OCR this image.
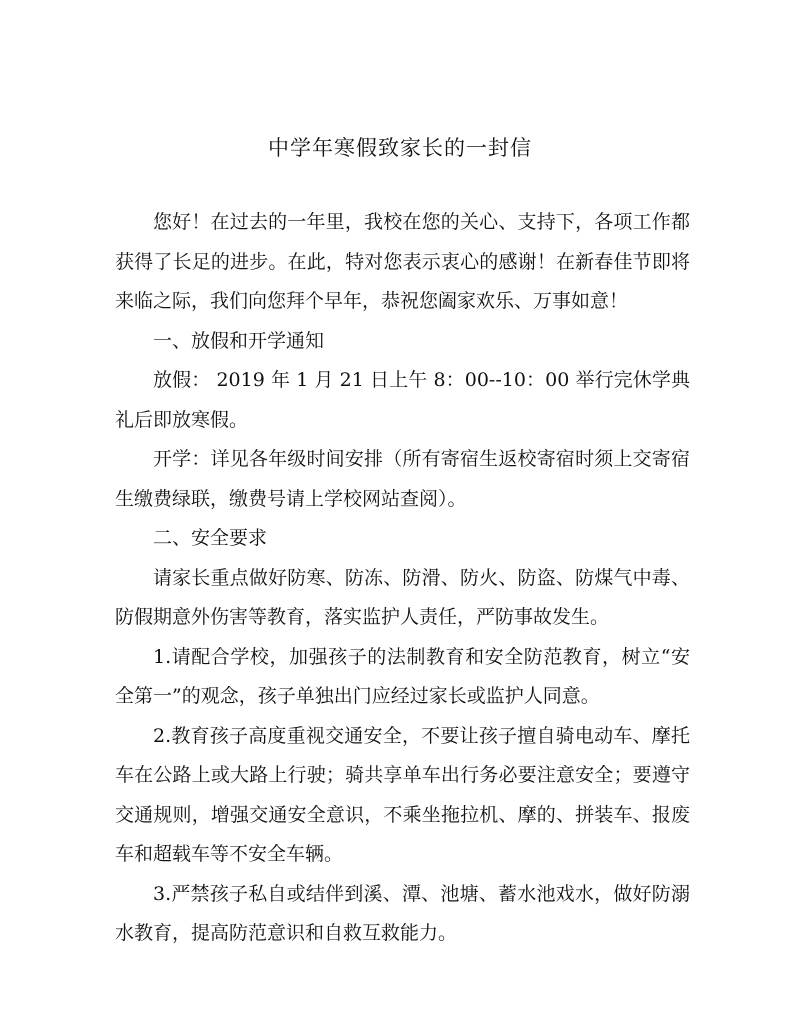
中学年寒假致家长的一封信

您好！在过去的一年里，我校在您的关心、支持下，各项工作都获得了长足的进步。在此，特对您表示衷心的感谢！在新春佳节即将来临之际，我们向您拜个早年，恭祝您阖家欢乐、万事如意！

一、放假和开学通知

放假： 2019 年 1 月 21 日上午 8：00--10：00 举行完休学典礼后即放寒假。

开学：详见各年级时间安排（所有寄宿生返校寄宿时须上交寄宿生缴费绿联，缴费号请上学校网站查阅）。

二、安全要求

请家长重点做好防寒、防冻、防滑、防火、防盗、防煤气中毒、防假期意外伤害等教育，落实监护人责任，严防事故发生。

1.请配合学校，加强孩子的法制教育和安全防范教育，树立“安全第一”的观念，孩子单独出门应经过家长或监护人同意。

2.教育孩子高度重视交通安全，不要让孩子擅自骑电动车、摩托车在公路上或大路上行驶；骑共享单车出行务必要注意安全；要遵守交通规则，增强交通安全意识，不乘坐拖拉机、摩的、拼装车、报废车和超载车等不安全车辆。

3.严禁孩子私自或结伴到溪、潭、池塘、蓄水池戏水，做好防溺水教育，提高防范意识和自救互救能力。
